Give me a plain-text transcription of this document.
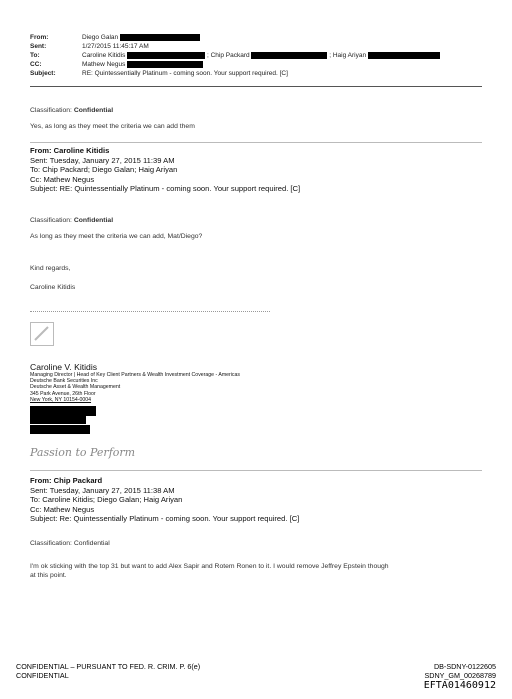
From:	Diego Galan
Sent:	1/27/2015 11:45:17 AM
To:	Caroline Kitidis	; Chip Packard	; Haig Ariyan
CC:	Mathew Negus
Subject:	RE: Quintessentially Platinum - coming soon. Your support required. [C]
Classification: Confidential
Yes, as long as they meet the criteria we can add them
From: Caroline Kitidis
Sent: Tuesday, January 27, 2015 11:39 AM
To: Chip Packard; Diego Galan; Haig Ariyan
Cc: Mathew Negus
Subject: RE: Quintessentially Platinum - coming soon. Your support required. [C]
Classification: Confidential
As long as they meet the criteria we can add, Mat/Diego?
Kind regards,
Caroline Kitidis
Caroline V. Kitidis
Managing Director | Head of Key Client Partners & Wealth Investment Coverage - Americas
Deutsche Bank Securities Inc
Deutsche Asset & Wealth Management
345 Park Avenue, 26th Floor
New York, NY 10154-0004
Passion to Perform
From: Chip Packard
Sent: Tuesday, January 27, 2015 11:38 AM
To: Caroline Kitidis; Diego Galan; Haig Ariyan
Cc: Mathew Negus
Subject: Re: Quintessentially Platinum - coming soon. Your support required. [C]
Classification: Confidential
I'm ok sticking with the top 31 but want to add Alex Sapir and Rotem Ronen to it. I would remove Jeffrey Epstein though
at this point.
CONFIDENTIAL – PURSUANT TO FED. R. CRIM. P. 6(e)
CONFIDENTIAL
DB-SDNY-0122605
SDNY_GM_00268789
EFTA01460912
